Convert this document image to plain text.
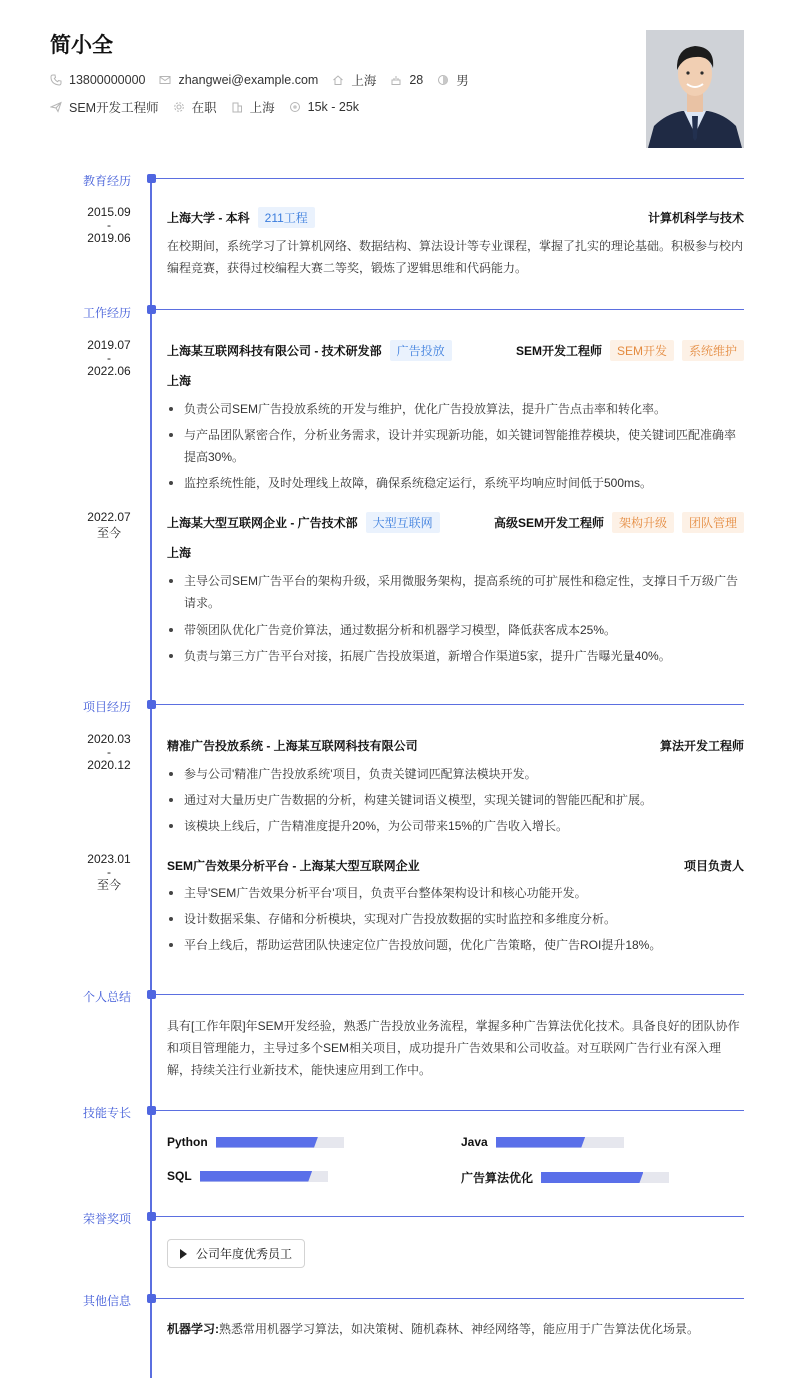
简小全
13800000000	zhangwei@example.com	上海	28	男
SEM开发工程师	在职	上海	15k - 25k
教育经历
2015.09
-
2019.06
上海大学 - 本科	211工程	计算机科学与技术
在校期间，系统学习了计算机网络、数据结构、算法设计等专业课程，掌握了扎实的理论基础。积极参与校内编程竞赛，获得过校编程大赛二等奖，锻炼了逻辑思维和代码能力。
工作经历
2019.07
-
2022.06
上海某互联网科技有限公司 - 技术研发部	广告投放	SEM开发工程师	SEM开发	系统维护
上海
负责公司SEM广告投放系统的开发与维护，优化广告投放算法，提升广告点击率和转化率。
与产品团队紧密合作，分析业务需求，设计并实现新功能，如关键词智能推荐模块，使关键词匹配准确率提高30%。
监控系统性能，及时处理线上故障，确保系统稳定运行，系统平均响应时间低于500ms。
2022.07
至今
上海某大型互联网企业 - 广告技术部	大型互联网	高级SEM开发工程师	架构升级	团队管理
上海
主导公司SEM广告平台的架构升级，采用微服务架构，提高系统的可扩展性和稳定性，支撑日千万级广告请求。
带领团队优化广告竞价算法，通过数据分析和机器学习模型，降低获客成本25%。
负责与第三方广告平台对接，拓展广告投放渠道，新增合作渠道5家，提升广告曝光量40%。
项目经历
2020.03
-
2020.12
精准广告投放系统 - 上海某互联网科技有限公司	算法开发工程师
参与公司'精准广告投放系统'项目，负责关键词匹配算法模块开发。
通过对大量历史广告数据的分析，构建关键词语义模型，实现关键词的智能匹配和扩展。
该模块上线后，广告精准度提升20%，为公司带来15%的广告收入增长。
2023.01
-
至今
SEM广告效果分析平台 - 上海某大型互联网企业	项目负责人
主导'SEM广告效果分析平台'项目，负责平台整体架构设计和核心功能开发。
设计数据采集、存储和分析模块，实现对广告投放数据的实时监控和多维度分析。
平台上线后，帮助运营团队快速定位广告投放问题，优化广告策略，使广告ROI提升18%。
个人总结
具有[工作年限]年SEM开发经验，熟悉广告投放业务流程，掌握多种广告算法优化技术。具备良好的团队协作和项目管理能力，主导过多个SEM相关项目，成功提升广告效果和公司收益。对互联网广告行业有深入理解，持续关注行业新技术，能快速应用到工作中。
技能专长
Python	Java
SQL	广告算法优化
荣誉奖项
公司年度优秀员工
其他信息
机器学习:熟悉常用机器学习算法，如决策树、随机森林、神经网络等，能应用于广告算法优化场景。
